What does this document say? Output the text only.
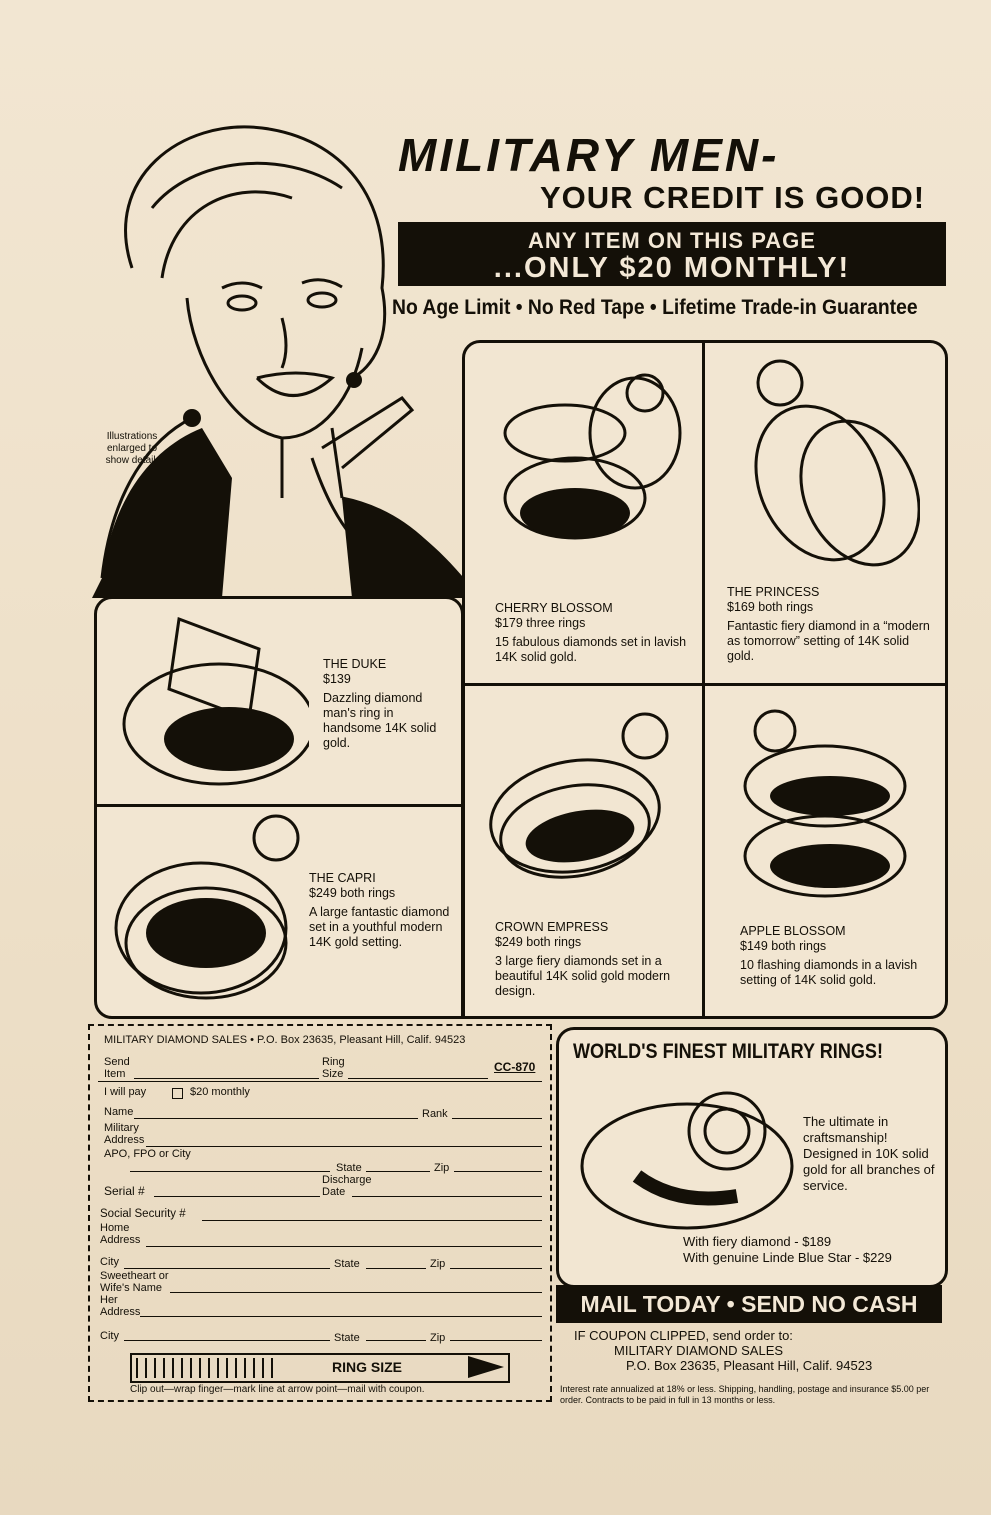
MILITARY MEN-
YOUR CREDIT IS GOOD!
ANY ITEM ON THIS PAGE
...ONLY $20 MONTHLY!
No Age Limit • No Red Tape • Lifetime Trade-in Guarantee
Illustrations enlarged to show detail.
CHERRY BLOSSOM
$179 three rings
15 fabulous diamonds set in lavish 14K solid gold.
THE PRINCESS
$169 both rings
Fantastic fiery diamond in a “modern as tomorrow” setting of 14K solid gold.
CROWN EMPRESS
$249 both rings
3 large fiery diamonds set in a beautiful 14K solid gold modern design.
APPLE BLOSSOM
$149 both rings
10 flashing diamonds in a lavish setting of 14K solid gold.
THE DUKE
$139
Dazzling diamond man's ring in handsome 14K solid gold.
THE CAPRI
$249 both rings
A large fantastic diamond set in a youthful modern 14K gold setting.
MILITARY DIAMOND SALES • P.O. Box 23635, Pleasant Hill, Calif. 94523
Send Item
Ring Size	CC-870
I will pay	$20 monthly
Name	Rank
Military Address
APO, FPO or City
State	Zip
Serial #
Discharge Date
Social Security #
Home Address
City	State	Zip
Sweetheart or Wife's Name
Her Address
City	State	Zip
Clip out—wrap finger—mark line at arrow point—mail with coupon.
RING SIZE
WORLD'S FINEST MILITARY RINGS!
The ultimate in craftsmanship! Designed in 10K solid gold for all branches of service.
With fiery diamond - $189
With genuine Linde Blue Star - $229
MAIL TODAY • SEND NO CASH
IF COUPON CLIPPED, send order to:
MILITARY DIAMOND SALES
P.O. Box 23635, Pleasant Hill, Calif. 94523
Interest rate annualized at 18% or less. Shipping, handling, postage and insurance $5.00 per order. Contracts to be paid in full in 13 months or less.
